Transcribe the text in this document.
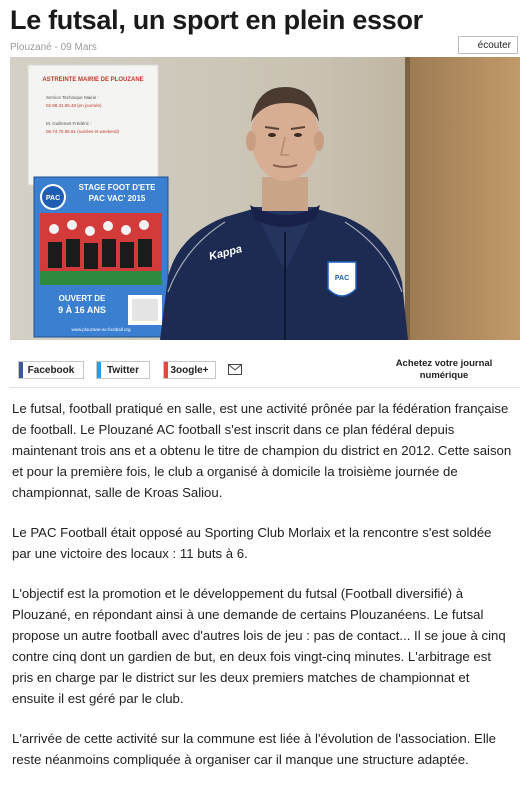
Le futsal, un sport en plein essor
Plouzané - 09 Mars	écouter
ASTREINTE MAIRIE DE PLOUZANE
Service Technique Mairie :
02.98.31.95.48 (en journée)
M. Guillemet Frédéric :
06.74.75.95.81 (soirées et weekend)
PAC
STAGE FOOT D'ETE
PAC VAC' 2015
OUVERT DE
9 À 16 ANS
www.plouzane-ac-football.org
Kappa
PAC
Facebook	Twitter	3oogle+
Achetez votre journal
numérique

Le futsal, football pratiqué en salle, est une activité prônée par la fédération française de football. Le Plouzané AC football s'est inscrit dans ce plan fédéral depuis maintenant trois ans et a obtenu le titre de champion du district en 2012. Cette saison et pour la première fois, le club a organisé à domicile la troisième journée de championnat, salle de Kroas Saliou.

Le PAC Football était opposé au Sporting Club Morlaix et la rencontre s'est soldée par une victoire des locaux : 11 buts à 6.

L'objectif est la promotion et le développement du futsal (Football diversifié) à Plouzané, en répondant ainsi à une demande de certains Plouzanéens. Le futsal propose un autre football avec d'autres lois de jeu : pas de contact... Il se joue à cinq contre cinq dont un gardien de but, en deux fois vingt-cinq minutes. L'arbitrage est pris en charge par le district sur les deux premiers matches de championnat et ensuite il est géré par le club.

L'arrivée de cette activité sur la commune est liée à l'évolution de l'association. Elle reste néanmoins compliquée à organiser car il manque une structure adaptée.
